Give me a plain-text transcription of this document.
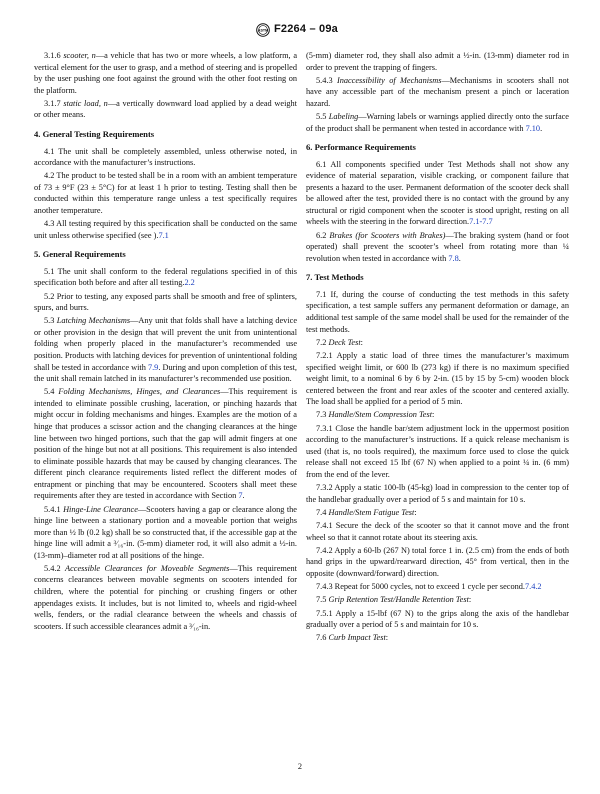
ASTM F2264 – 09a

3.1.6 scooter, n—a vehicle that has two or more wheels, a low platform, a vertical element for the user to grasp, and a method of steering and is propelled by the user pushing one foot against the ground with the other foot resting on the platform.

3.1.7 static load, n—a vertically downward load applied by a dead weight or other means.

4. General Testing Requirements

4.1 The unit shall be completely assembled, unless otherwise noted, in accordance with the manufacturer’s instructions.

4.2 The product to be tested shall be in a room with an ambient temperature of 73 ± 9°F (23 ± 5°C) for at least 1 h prior to testing. Testing shall then be conducted within this temperature range unless a test specifically requires another temperature.

4.3 All testing required by this specification shall be conducted on the same unit unless otherwise specified (see ).7.1

5. General Requirements

5.1 The unit shall conform to the federal regulations specified in of this specification both before and after all testing.2.2

5.2 Prior to testing, any exposed parts shall be smooth and free of splinters, spurs, and burrs.

5.3 Latching Mechanisms—Any unit that folds shall have a latching device or other provision in the design that will prevent the unit from unintentional folding when properly placed in the manufacturer’s recommended use position. Products with latching devices for prevention of unintentional folding shall be tested in accordance with 7.9. During and upon completion of this test, the unit shall remain latched in its manufacturer’s recommended use position.

5.4 Folding Mechanisms, Hinges, and Clearances—This requirement is intended to eliminate possible crushing, laceration, or pinching hazards that might occur in folding mechanisms and hinges. Examples are the motion of a hinge that produces a scissor action and the changing clearances at the hinge line between two hinged portions, such that the gap will admit fingers at one position of the hinge but not at all positions. This requirement is also intended to eliminate possible hazards that may be caused by changing clearances. The different pinch clearance requirements listed reflect the different modes of entrapment or pinching that may be encountered. Scooters shall meet these requirements after they are tested in accordance with Section 7.

5.4.1 Hinge-Line Clearance—Scooters having a gap or clearance along the hinge line between a stationary portion and a moveable portion that weighs more than ½ lb (0.2 kg) shall be so constructed that, if the accessible gap at the hinge line will admit a ³⁄₁₆-in. (5-mm) diameter rod, it will also admit a ½-in. (13-mm)–diameter rod at all positions of the hinge.

5.4.2 Accessible Clearances for Moveable Segments—This requirement concerns clearances between movable segments on scooters intended for children, where the potential for pinching or crushing fingers or other appendages exists. It includes, but is not limited to, wheels and rigid-wheel wells, fenders, or the radial clearance between the wheels and chassis of scooters. If such accessible clearances admit a ³⁄₁₆-in.

(5-mm) diameter rod, they shall also admit a ½-in. (13-mm) diameter rod in order to prevent the trapping of fingers.

5.4.3 Inaccessibility of Mechanisms—Mechanisms in scooters shall not have any accessible part of the mechanism present a pinch or laceration hazard.

5.5 Labeling—Warning labels or warnings applied directly onto the surface of the product shall be permanent when tested in accordance with 7.10.

6. Performance Requirements

6.1 All components specified under Test Methods shall not show any evidence of material separation, visible cracking, or component failure that presents a hazard to the user. Permanent deformation of the scooter deck shall be allowed after the test, provided there is no contact with the ground by any structural or rigid component when the scooter is stood upright, resting on all wheels with the steering in the forward direction.7.1-7.7

6.2 Brakes (for Scooters with Brakes)—The braking system (hand or foot operated) shall prevent the scooter’s wheel from rotating more than ¼ revolution when tested in accordance with 7.8.

7. Test Methods

7.1 If, during the course of conducting the test methods in this safety specification, a test sample suffers any permanent deformation or damage, an additional test sample of the same model shall be used for the remainder of the test methods.

7.2 Deck Test:

7.2.1 Apply a static load of three times the manufacturer’s maximum specified weight limit, or 600 lb (273 kg) if there is no maximum specified weight limit, to a nominal 6 by 6 by 2-in. (15 by 15 by 5-cm) wooden block centered between the front and rear axles of the scooter and centered axially. The load shall be applied for a period of 5 min.

7.3 Handle/Stem Compression Test:

7.3.1 Close the handle bar/stem adjustment lock in the uppermost position according to the manufacturer’s instructions. If a quick release mechanism is used (that is, no tools required), the maximum force used to close the quick release shall not exceed 15 lbf (67 N) when applied to a point ¼ in. (6 mm) from the end of the lever.

7.3.2 Apply a static 100-lb (45-kg) load in compression to the center top of the handlebar gradually over a period of 5 s and maintain for 10 s.

7.4 Handle/Stem Fatigue Test:

7.4.1 Secure the deck of the scooter so that it cannot move and the front wheel so that it cannot rotate about its steering axis.

7.4.2 Apply a 60-lb (267 N) total force 1 in. (2.5 cm) from the ends of both hand grips in the upward/rearward direction, 45° from vertical, then in the opposite (downward/forward) direction.

7.4.3 Repeat for 5000 cycles, not to exceed 1 cycle per second.7.4.2

7.5 Grip Retention Test/Handle Retention Test:

7.5.1 Apply a 15-lbf (67 N) to the grips along the axis of the handlebar gradually over a period of 5 s and maintain for 10 s.

7.6 Curb Impact Test:

2
